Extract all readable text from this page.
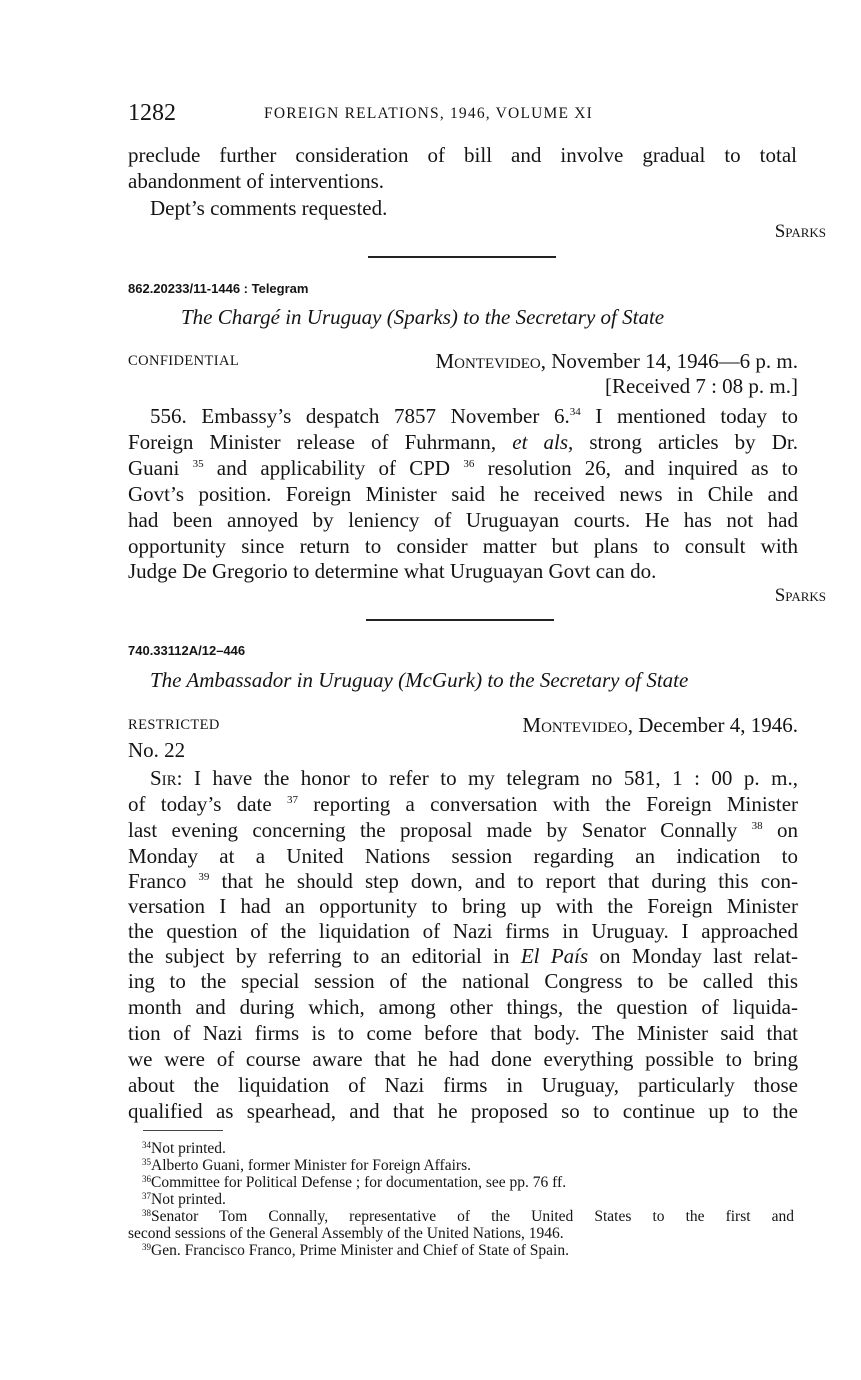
1282	FOREIGN RELATIONS, 1946, VOLUME XI
preclude further consideration of bill and involve gradual to total
abandonment of interventions.
Dept’s comments requested.
Sparks
862.20233/11-1446 : Telegram
The Chargé in Uruguay (Sparks) to the Secretary of State
CONFIDENTIAL	Montevideo, November 14, 1946—6 p. m.
[Received 7 : 08 p. m.]
556. Embassy’s despatch 7857 November 6.34 I mentioned today to
Foreign Minister release of Fuhrmann, et als, strong articles by Dr.
Guani $^{35}$ and applicability of CPD $^{36}$ resolution 26, and inquired as to
Govt’s position. Foreign Minister said he received news in Chile and
had been annoyed by leniency of Uruguayan courts. He has not had
opportunity since return to consider matter but plans to consult with
Judge De Gregorio to determine what Uruguayan Govt can do.
Sparks
740.33112A/12–446
The Ambassador in Uruguay (McGurk) to the Secretary of State
RESTRICTED	Montevideo, December 4, 1946.
No. 22
Sir: I have the honor to refer to my telegram no 581, 1 : 00 p. m.,
of today’s date $^{37}$ reporting a conversation with the Foreign Minister
last evening concerning the proposal made by Senator Connally $^{38}$ on
Monday at a United Nations session regarding an indication to
Franco $^{39}$ that he should step down, and to report that during this con-
versation I had an opportunity to bring up with the Foreign Minister
the question of the liquidation of Nazi firms in Uruguay. I approached
the subject by referring to an editorial in El País on Monday last relat-
ing to the special session of the national Congress to be called this
month and during which, among other things, the question of liquida-
tion of Nazi firms is to come before that body. The Minister said that
we were of course aware that he had done everything possible to bring
about the liquidation of Nazi firms in Uruguay, particularly those
qualified as spearhead, and that he proposed so to continue up to the
$^{34}$Not printed.
$^{35}$Alberto Guani, former Minister for Foreign Affairs.
$^{36}$Committee for Political Defense ; for documentation, see pp. 76 ff.
$^{37}$Not printed.
$^{38}$Senator Tom Connally, representative of the United States to the first and
second sessions of the General Assembly of the United Nations, 1946.
$^{39}$Gen. Francisco Franco, Prime Minister and Chief of State of Spain.
